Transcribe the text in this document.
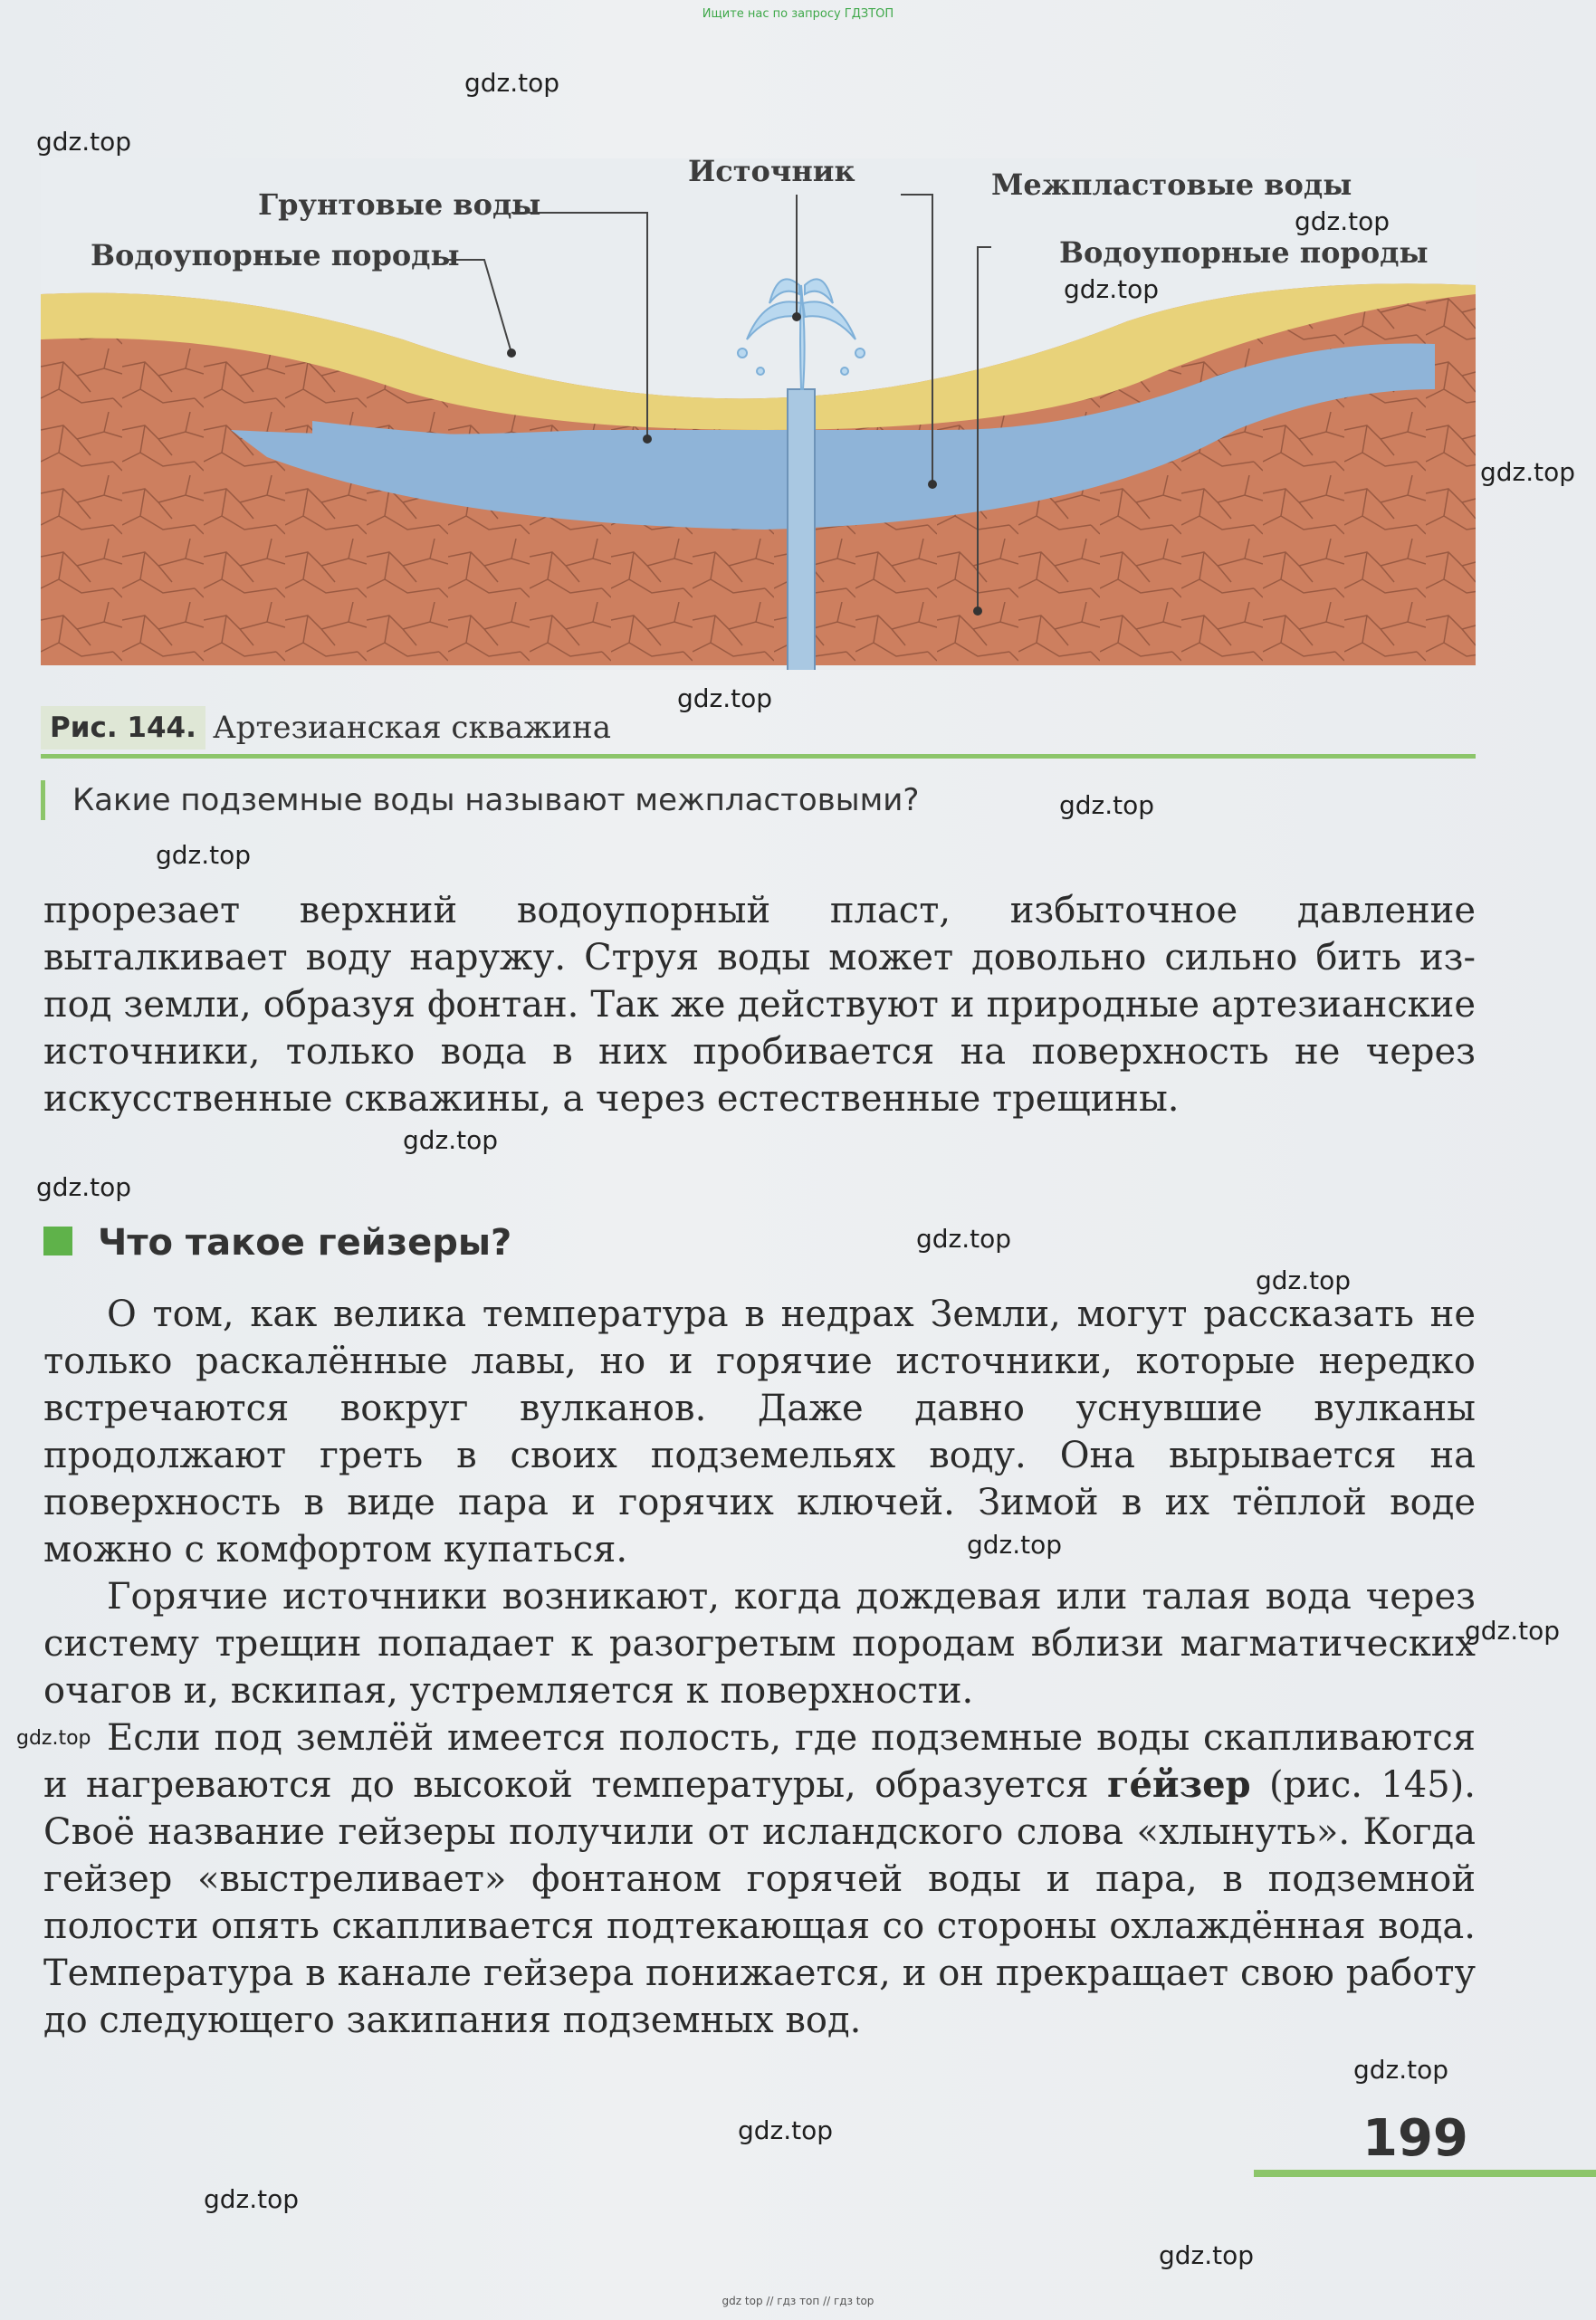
Ищите нас по запросу ГДЗТОП
Источник
Грунтовые воды
Водоупорные породы
Межпластовые воды
Водоупорные породы
Рис. 144. Артезианская скважина
Какие подземные воды называют межпластовыми?

прорезает верхний водоупорный пласт, избыточное давление выталкивает воду наружу. Струя воды может довольно сильно бить из-под земли, образуя фонтан. Так же действуют и природные артезианские источники, только вода в них пробивается на поверхность не через искусственные скважины, а через естественные трещины.

Что такое гейзеры?

О том, как велика температура в недрах Земли, могут рассказать не только раскалённые лавы, но и горячие источники, которые нередко встречаются вокруг вулканов. Даже давно уснувшие вулканы продолжают греть в своих подземельях воду. Она вырывается на поверхность в виде пара и горячих ключей. Зимой в их тёплой воде можно с комфортом купаться.

Горячие источники возникают, когда дождевая или талая вода через систему трещин попадает к разогретым породам вблизи магматических очагов и, вскипая, устремляется к поверхности.

Если под землёй имеется полость, где подземные воды скапливаются и нагреваются до высокой температуры, образуется ге́йзер (рис. 145). Своё название гейзеры получили от исландского слова «хлынуть». Когда гейзер «выстреливает» фонтаном горячей воды и пара, в подземной полости опять скапливается подтекающая со стороны охлаждённая вода. Температура в канале гейзера понижается, и он прекращает свою работу до следующего закипания подземных вод.

199
gdz.top
gdz.top
gdz.top
gdz.top
gdz.top
gdz.top
gdz.top
gdz.top
gdz.top
gdz.top
gdz.top
gdz.top
gdz.top
gdz.top
gdz.top
gdz.top
gdz.top
gdz.top
gdz.top
gdz top // гдз топ // гдз top
